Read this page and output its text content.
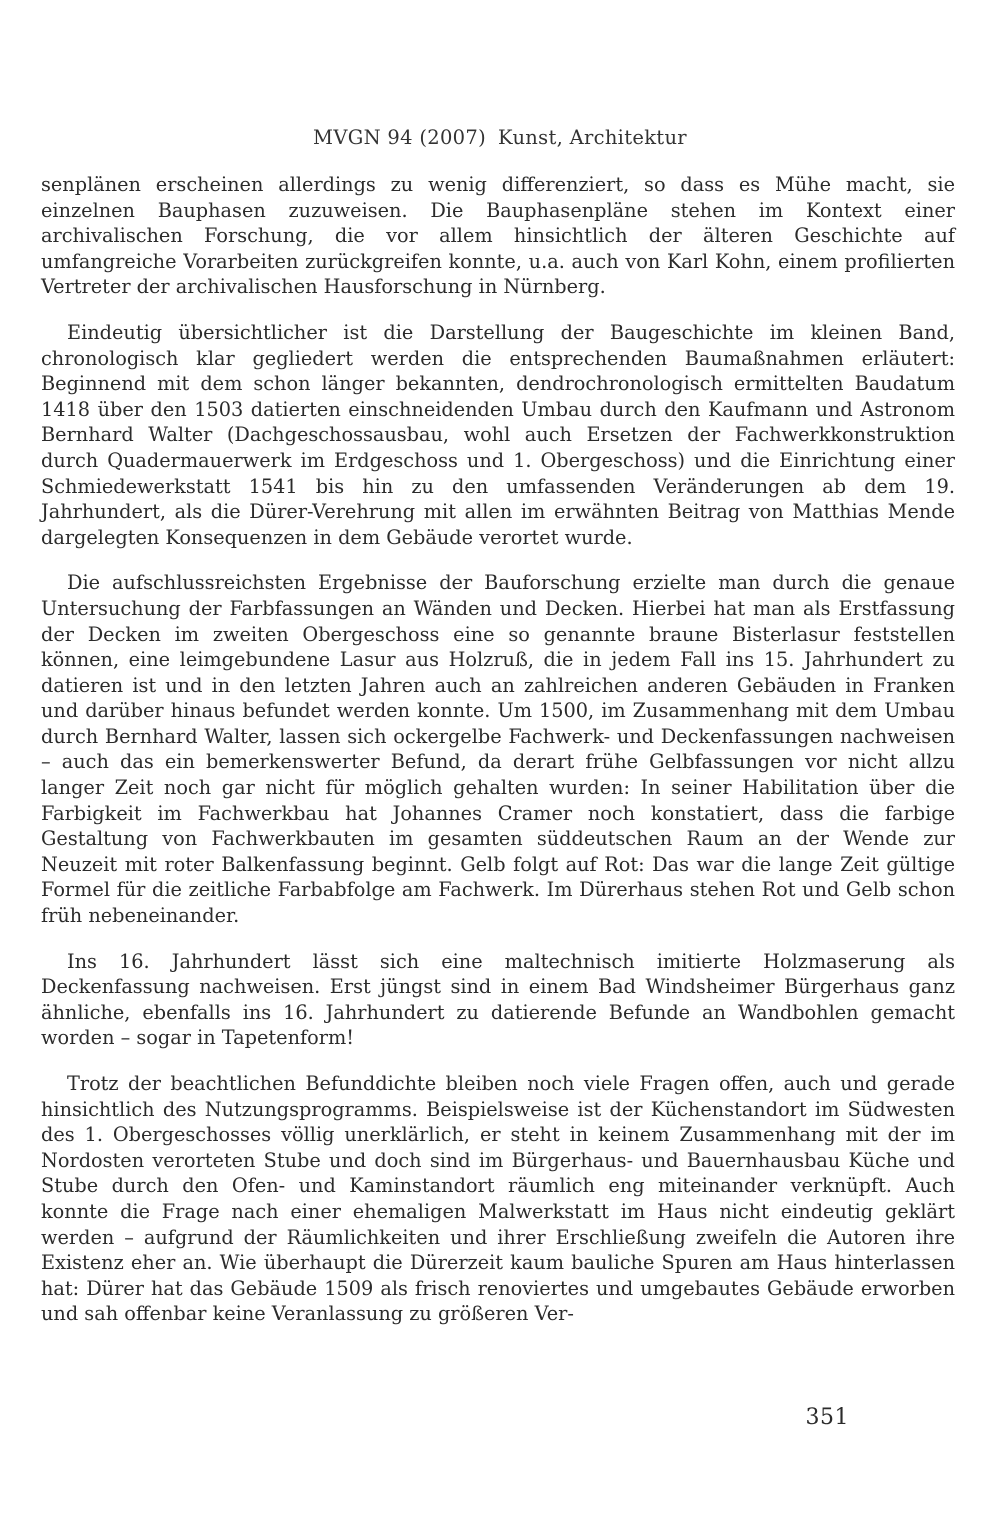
MVGN 94 (2007) Kunst, Architektur

senplänen erscheinen allerdings zu wenig differenziert, so dass es Mühe macht, sie einzelnen Bauphasen zuzuweisen. Die Bauphasenpläne stehen im Kontext einer archivalischen Forschung, die vor allem hinsichtlich der älteren Geschichte auf umfangreiche Vorarbeiten zurückgreifen konnte, u.a. auch von Karl Kohn, einem profilierten Vertreter der archivalischen Hausforschung in Nürnberg.

Eindeutig übersichtlicher ist die Darstellung der Baugeschichte im kleinen Band, chronologisch klar gegliedert werden die entsprechenden Baumaßnahmen erläutert: Beginnend mit dem schon länger bekannten, dendrochronologisch ermittelten Baudatum 1418 über den 1503 datierten einschneidenden Umbau durch den Kaufmann und Astronom Bernhard Walter (Dachgeschossausbau, wohl auch Ersetzen der Fachwerkkonstruktion durch Quadermauerwerk im Erdgeschoss und 1. Obergeschoss) und die Einrichtung einer Schmiedewerkstatt 1541 bis hin zu den umfassenden Veränderungen ab dem 19. Jahrhundert, als die Dürer-Verehrung mit allen im erwähnten Beitrag von Matthias Mende dargelegten Konsequenzen in dem Gebäude verortet wurde.

Die aufschlussreichsten Ergebnisse der Bauforschung erzielte man durch die genaue Untersuchung der Farbfassungen an Wänden und Decken. Hierbei hat man als Erstfassung der Decken im zweiten Obergeschoss eine so genannte braune Bisterlasur feststellen können, eine leimgebundene Lasur aus Holzruß, die in jedem Fall ins 15. Jahrhundert zu datieren ist und in den letzten Jahren auch an zahlreichen anderen Gebäuden in Franken und darüber hinaus befundet werden konnte. Um 1500, im Zusammenhang mit dem Umbau durch Bernhard Walter, lassen sich ockergelbe Fachwerk- und Deckenfassungen nachweisen – auch das ein bemerkenswerter Befund, da derart frühe Gelbfassungen vor nicht allzu langer Zeit noch gar nicht für möglich gehalten wurden: In seiner Habilitation über die Farbigkeit im Fachwerkbau hat Johannes Cramer noch konstatiert, dass die farbige Gestaltung von Fachwerkbauten im gesamten süddeutschen Raum an der Wende zur Neuzeit mit roter Balkenfassung beginnt. Gelb folgt auf Rot: Das war die lange Zeit gültige Formel für die zeitliche Farbabfolge am Fachwerk. Im Dürerhaus stehen Rot und Gelb schon früh nebeneinander.

Ins 16. Jahrhundert lässt sich eine maltechnisch imitierte Holzmaserung als Deckenfassung nachweisen. Erst jüngst sind in einem Bad Windsheimer Bürgerhaus ganz ähnliche, ebenfalls ins 16. Jahrhundert zu datierende Befunde an Wandbohlen gemacht worden – sogar in Tapetenform!

Trotz der beachtlichen Befunddichte bleiben noch viele Fragen offen, auch und gerade hinsichtlich des Nutzungsprogramms. Beispielsweise ist der Küchenstandort im Südwesten des 1. Obergeschosses völlig unerklärlich, er steht in keinem Zusammenhang mit der im Nordosten verorteten Stube und doch sind im Bürgerhaus- und Bauernhausbau Küche und Stube durch den Ofen- und Kaminstandort räumlich eng miteinander verknüpft. Auch konnte die Frage nach einer ehemaligen Malwerkstatt im Haus nicht eindeutig geklärt werden – aufgrund der Räumlichkeiten und ihrer Erschließung zweifeln die Autoren ihre Existenz eher an. Wie überhaupt die Dürerzeit kaum bauliche Spuren am Haus hinterlassen hat: Dürer hat das Gebäude 1509 als frisch renoviertes und umgebautes Gebäude erworben und sah offenbar keine Veranlassung zu größeren Ver-

351
